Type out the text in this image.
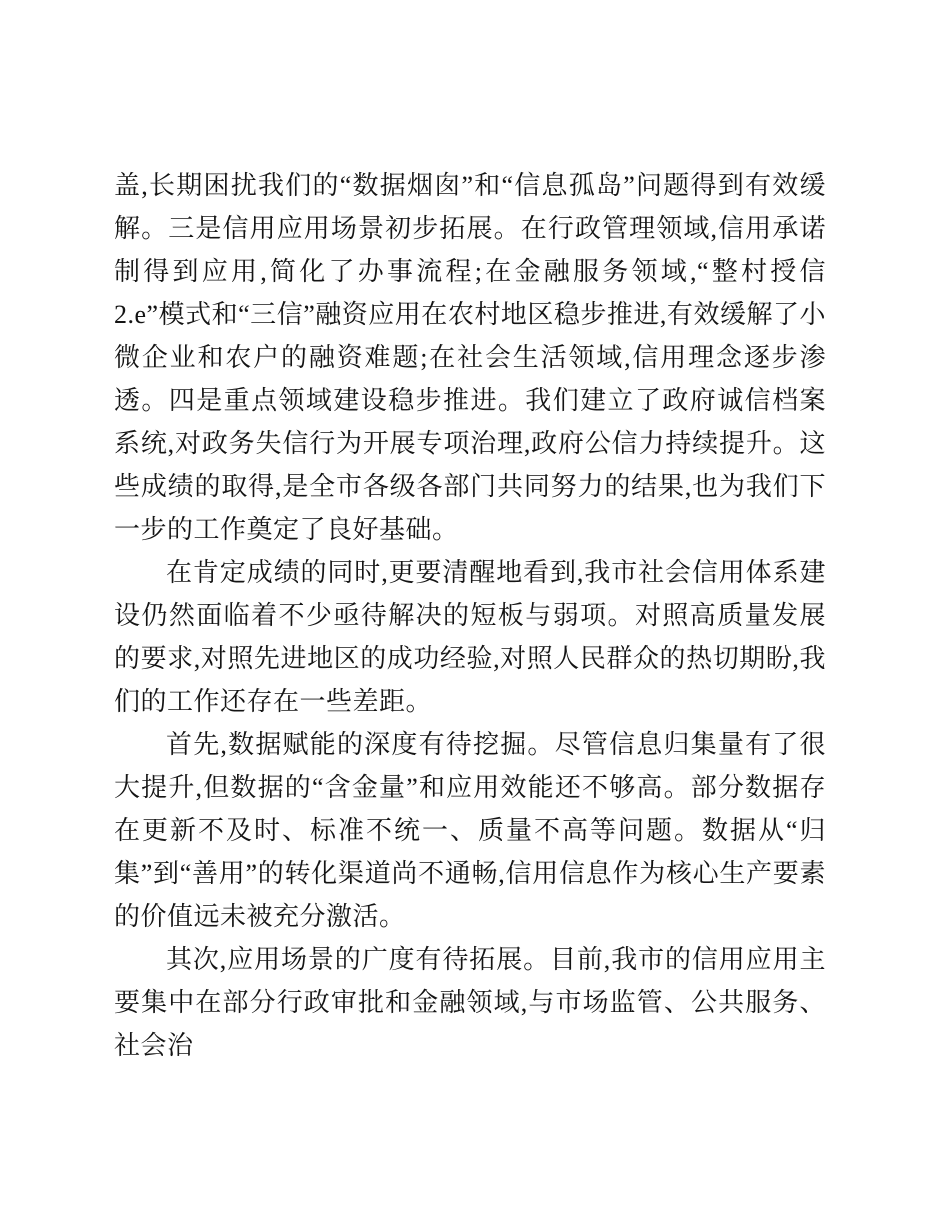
盖,长期困扰我们的“数据烟囱”和“信息孤岛”问题得到有效缓解。三是信用应用场景初步拓展。在行政管理领域,信用承诺制得到应用,简化了办事流程;在金融服务领域,“整村授信 2.e”模式和“三信”融资应用在农村地区稳步推进,有效缓解了小微企业和农户的融资难题;在社会生活领域,信用理念逐步渗透。四是重点领域建设稳步推进。我们建立了政府诚信档案系统,对政务失信行为开展专项治理,政府公信力持续提升。这些成绩的取得,是全市各级各部门共同努力的结果,也为我们下一步的工作奠定了良好基础。

在肯定成绩的同时,更要清醒地看到,我市社会信用体系建设仍然面临着不少亟待解决的短板与弱项。对照高质量发展的要求,对照先进地区的成功经验,对照人民群众的热切期盼,我们的工作还存在一些差距。

首先,数据赋能的深度有待挖掘。尽管信息归集量有了很大提升,但数据的“含金量”和应用效能还不够高。部分数据存在更新不及时、标准不统一、质量不高等问题。数据从“归集”到“善用”的转化渠道尚不通畅,信用信息作为核心生产要素的价值远未被充分激活。

其次,应用场景的广度有待拓展。目前,我市的信用应用主要集中在部分行政审批和金融领域,与市场监管、公共服务、社会治
